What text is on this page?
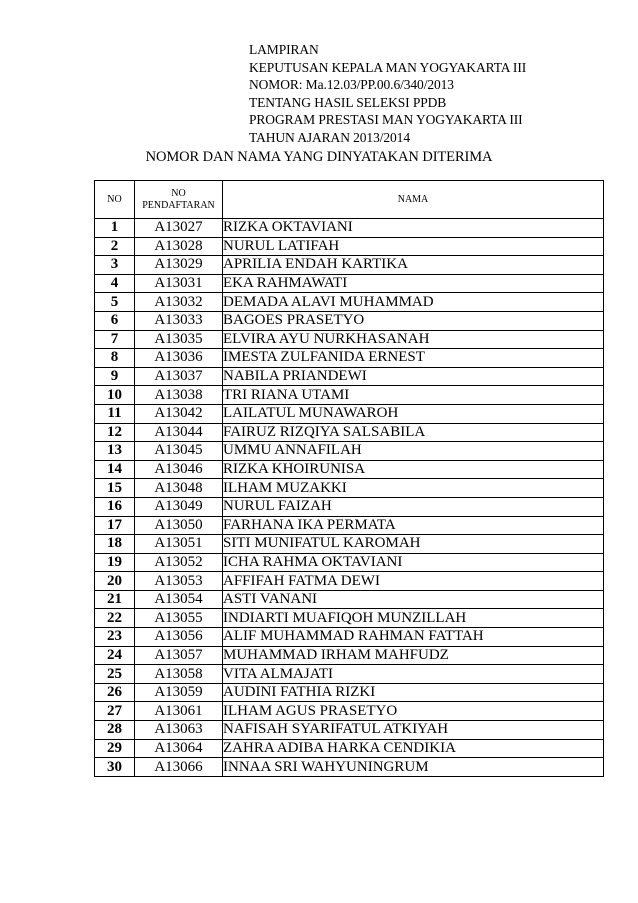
LAMPIRAN
KEPUTUSAN KEPALA MAN YOGYAKARTA III
NOMOR: Ma.12.03/PP.00.6/340/2013
TENTANG HASIL SELEKSI PPDB
PROGRAM PRESTASI MAN YOGYAKARTA III
TAHUN AJARAN 2013/2014
NOMOR DAN NAMA YANG DINYATAKAN DITERIMA
NO	NO PENDAFTARAN	NAMA
1	A13027	RIZKA OKTAVIANI
2	A13028	NURUL LATIFAH
3	A13029	APRILIA ENDAH KARTIKA
4	A13031	EKA RAHMAWATI
5	A13032	DEMADA ALAVI MUHAMMAD
6	A13033	BAGOES PRASETYO
7	A13035	ELVIRA AYU NURKHASANAH
8	A13036	IMESTA ZULFANIDA ERNEST
9	A13037	NABILA PRIANDEWI
10	A13038	TRI RIANA UTAMI
11	A13042	LAILATUL MUNAWAROH
12	A13044	FAIRUZ RIZQIYA SALSABILA
13	A13045	UMMU ANNAFILAH
14	A13046	RIZKA KHOIRUNISA
15	A13048	ILHAM MUZAKKI
16	A13049	NURUL FAIZAH
17	A13050	FARHANA IKA PERMATA
18	A13051	SITI MUNIFATUL KAROMAH
19	A13052	ICHA RAHMA OKTAVIANI
20	A13053	AFFIFAH FATMA DEWI
21	A13054	ASTI VANANI
22	A13055	INDIARTI MUAFIQOH MUNZILLAH
23	A13056	ALIF MUHAMMAD RAHMAN FATTAH
24	A13057	MUHAMMAD IRHAM MAHFUDZ
25	A13058	VITA ALMAJATI
26	A13059	AUDINI FATHIA RIZKI
27	A13061	ILHAM AGUS PRASETYO
28	A13063	NAFISAH SYARIFATUL ATKIYAH
29	A13064	ZAHRA ADIBA HARKA CENDIKIA
30	A13066	INNAA SRI WAHYUNINGRUM
